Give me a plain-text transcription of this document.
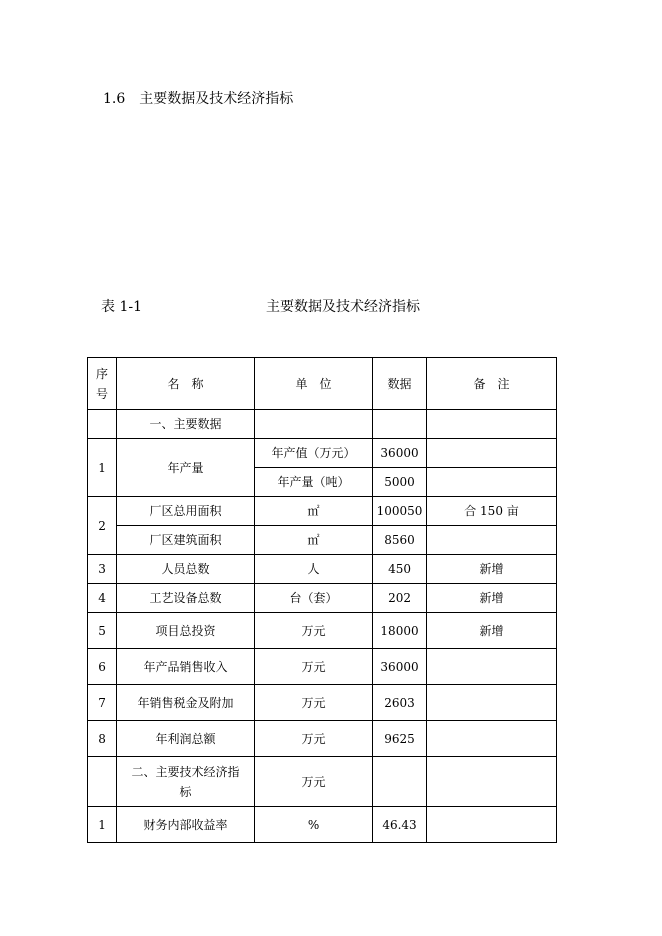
1.6 主要数据及技术经济指标
表 1-1	主要数据及技术经济指标
序号	名　称	单　位	数据	备　注
	一、主要数据			
1	年产量	年产值（万元）	36000	
		年产量（吨）	5000	
2	厂区总用面积	㎡	100050	合 150 亩
	厂区建筑面积	㎡	8560	
3	人员总数	人	450	新增
4	工艺设备总数	台（套）	202	新增
5	项目总投资	万元	18000	新增
6	年产品销售收入	万元	36000	
7	年销售税金及附加	万元	2603	
8	年利润总额	万元	9625	
	二、主要技术经济指标	万元		
1	财务内部收益率	%	46.43	
